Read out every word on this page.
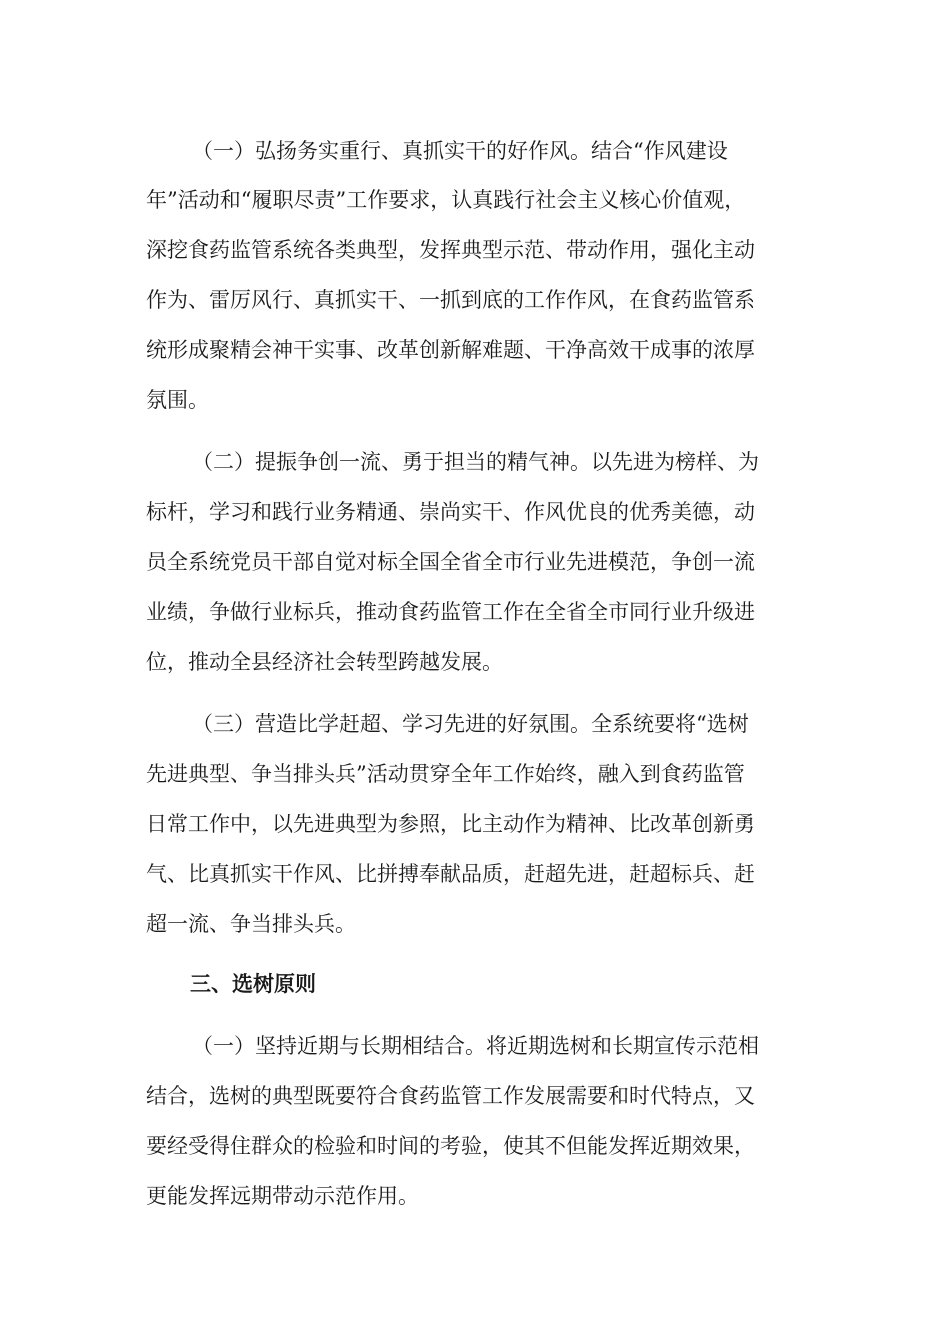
（一）弘扬务实重行、真抓实干的好作风。结合“作风建设
年”活动和“履职尽责”工作要求，认真践行社会主义核心价值观，
深挖食药监管系统各类典型，发挥典型示范、带动作用，强化主动
作为、雷厉风行、真抓实干、一抓到底的工作作风，在食药监管系
统形成聚精会神干实事、改革创新解难题、干净高效干成事的浓厚
氛围。
（二）提振争创一流、勇于担当的精气神。以先进为榜样、为
标杆，学习和践行业务精通、崇尚实干、作风优良的优秀美德，动
员全系统党员干部自觉对标全国全省全市行业先进模范，争创一流
业绩，争做行业标兵，推动食药监管工作在全省全市同行业升级进
位，推动全县经济社会转型跨越发展。
（三）营造比学赶超、学习先进的好氛围。全系统要将“选树
先进典型、争当排头兵”活动贯穿全年工作始终，融入到食药监管
日常工作中，以先进典型为参照，比主动作为精神、比改革创新勇
气、比真抓实干作风、比拼搏奉献品质，赶超先进，赶超标兵、赶
超一流、争当排头兵。
三、选树原则
（一）坚持近期与长期相结合。将近期选树和长期宣传示范相
结合，选树的典型既要符合食药监管工作发展需要和时代特点，又
要经受得住群众的检验和时间的考验，使其不但能发挥近期效果，
更能发挥远期带动示范作用。
